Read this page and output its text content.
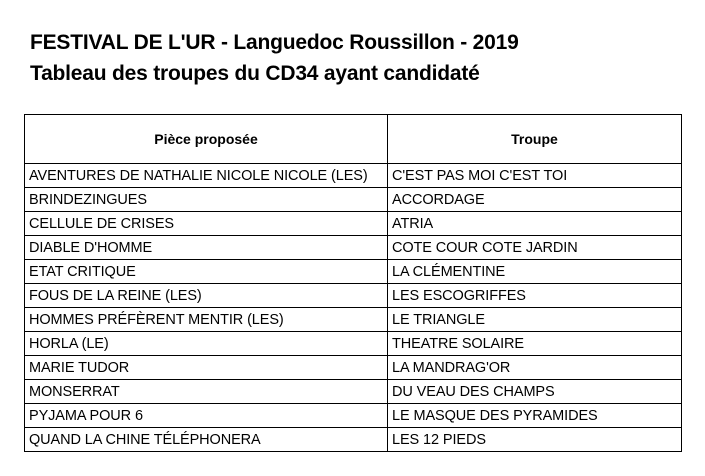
FESTIVAL DE L'UR - Languedoc Roussillon - 2019
Tableau des troupes du CD34 ayant candidaté
Pièce proposée	Troupe
AVENTURES DE NATHALIE NICOLE NICOLE (LES)	C'EST PAS MOI C'EST TOI
BRINDEZINGUES	ACCORDAGE
CELLULE DE CRISES	ATRIA
DIABLE D'HOMME	COTE COUR COTE JARDIN
ETAT CRITIQUE	LA CLÉMENTINE
FOUS DE LA REINE (LES)	LES ESCOGRIFFES
HOMMES PRÉFÈRENT MENTIR (LES)	LE TRIANGLE
HORLA (LE)	THEATRE SOLAIRE
MARIE TUDOR	LA MANDRAG'OR
MONSERRAT	DU VEAU DES CHAMPS
PYJAMA POUR 6	LE MASQUE DES PYRAMIDES
QUAND LA CHINE TÉLÉPHONERA	LES 12 PIEDS
